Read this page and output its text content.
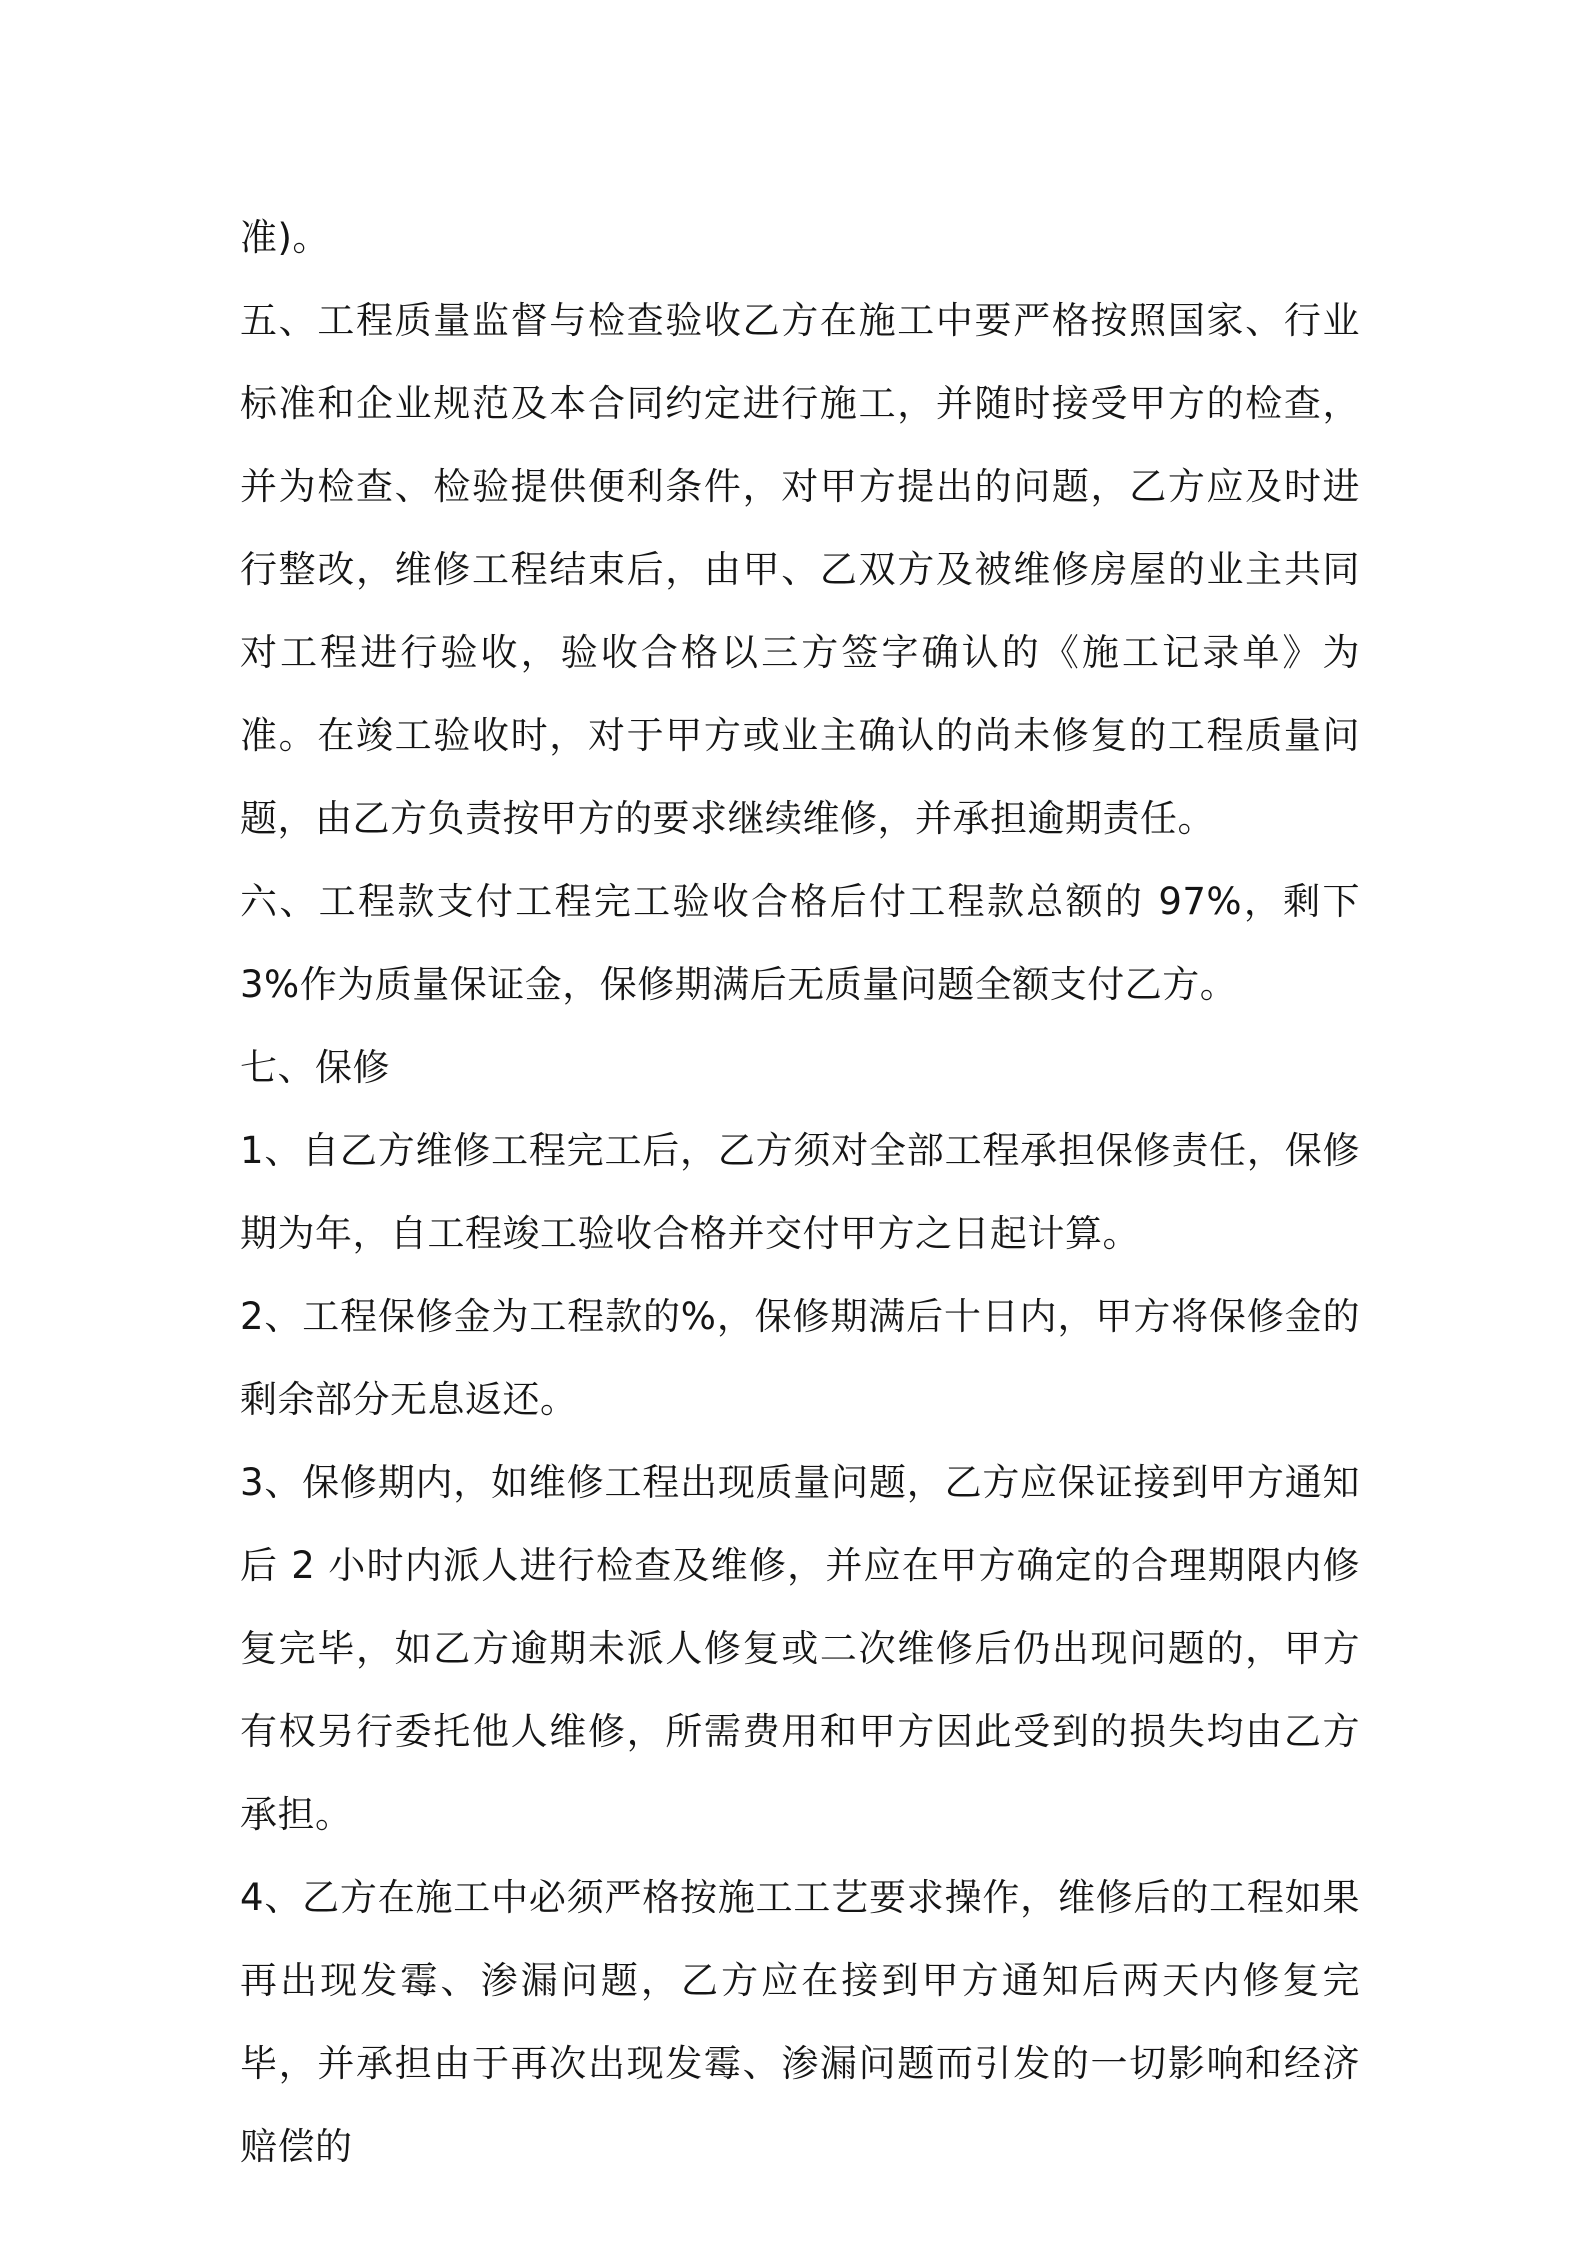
准)。

五、工程质量监督与检查验收乙方在施工中要严格按照国家、行业标准和企业规范及本合同约定进行施工，并随时接受甲方的检查，并为检查、检验提供便利条件，对甲方提出的问题，乙方应及时进行整改，维修工程结束后，由甲、乙双方及被维修房屋的业主共同对工程进行验收，验收合格以三方签字确认的《施工记录单》为准。在竣工验收时，对于甲方或业主确认的尚未修复的工程质量问题，由乙方负责按甲方的要求继续维修，并承担逾期责任。

六、工程款支付工程完工验收合格后付工程款总额的 97%，剩下 3%作为质量保证金，保修期满后无质量问题全额支付乙方。

七、保修

1、自乙方维修工程完工后，乙方须对全部工程承担保修责任，保修期为年，自工程竣工验收合格并交付甲方之日起计算。

2、工程保修金为工程款的%，保修期满后十日内，甲方将保修金的剩余部分无息返还。

3、保修期内，如维修工程出现质量问题，乙方应保证接到甲方通知后 2 小时内派人进行检查及维修，并应在甲方确定的合理期限内修复完毕，如乙方逾期未派人修复或二次维修后仍出现问题的，甲方有权另行委托他人维修，所需费用和甲方因此受到的损失均由乙方承担。

4、乙方在施工中必须严格按施工工艺要求操作，维修后的工程如果再出现发霉、渗漏问题，乙方应在接到甲方通知后两天内修复完毕，并承担由于再次出现发霉、渗漏问题而引发的一切影响和经济赔偿的
